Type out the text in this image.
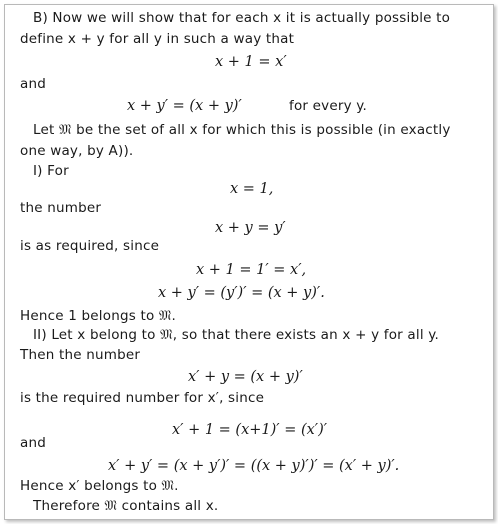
B) Now we will show that for each x it is actually possible to
define x + y for all y in such a way that
x + 1 = x′
and
x + y′ = (x + y)′	for every y.
Let 𝔐 be the set of all x for which this is possible (in exactly
one way, by A)).
I) For
x = 1,
the number
x + y = y′
is as required, since
x + 1 = 1′ = x′,
x + y′ = (y′)′ = (x + y)′.
Hence 1 belongs to 𝔐.
II) Let x belong to 𝔐, so that there exists an x + y for all y.
Then the number
x′ + y = (x + y)′
is the required number for x′, since
x′ + 1 = (x+1)′ = (x′)′
and
x′ + y′ = (x + y′)′ = ((x + y)′)′ = (x′ + y)′.
Hence x′ belongs to 𝔐.
Therefore 𝔐 contains all x.
